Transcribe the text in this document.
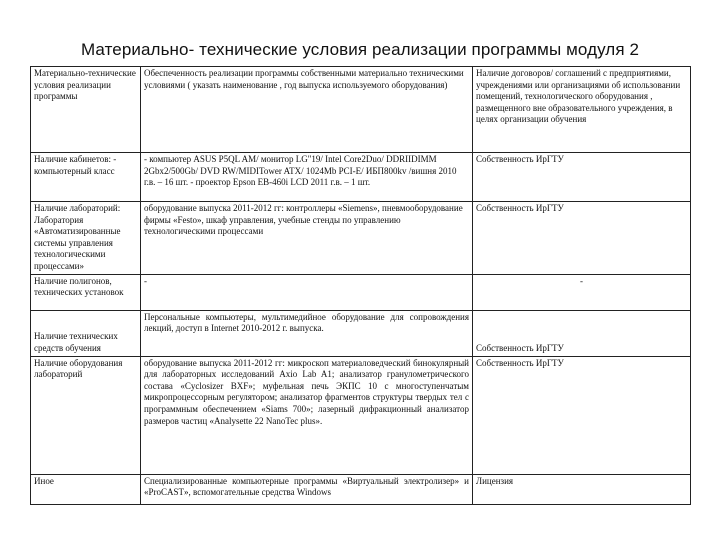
Материально- технические условия реализации программы модуля 2
Материально-технические условия реализации программы	Обеспеченность реализации программы собственными материально техническими условиями ( указать наименование , год выпуска используемого оборудования)	Наличие договоров/ соглашений с предприятиями, учреждениями или организациями об использовании помещений, технологического оборудования , размещенного вне образовательного учреждения, в целях организации обучения
Наличие кабинетов: - компьютерный класс	- компьютер ASUS P5QL AM/ монитор LG"19/ Intel Core2Duo/ DDRIIDIMM 2Gbx2/500Gb/ DVD RW/MIDITower ATX/ 1024Mb PCI-E/ ИБП800kv /вишня 2010 г.в. – 16 шт. - проектор Epson EB-460i LCD 2011 г.в. – 1 шт.	Собственность ИрГТУ
Наличие лабораторий: Лаборатория «Автоматизированные системы управления технологическими процессами»	оборудование выпуска 2011-2012 гг: контроллеры «Siemens», пневмооборудование фирмы «Festo», шкаф управления, учебные стенды по управлению технологическими процессами	Собственность ИрГТУ
Наличие полигонов, технических установок	-	-
Наличие технических средств обучения	Персональные компьютеры, мультимедийное оборудование для сопровождения лекций, доступ в Internet 2010-2012 г. выпуска.	Собственность ИрГТУ
Наличие оборудования лабораторий	оборудование выпуска 2011-2012 гг: микроскоп материаловедческий бинокулярный для лабораторных исследований Axio Lab A1; анализатор гранулометрического состава «Cyclosizer BXF»; муфельная печь ЭКПС 10 с многоступенчатым микропроцессорным регулятором; анализатор фрагментов структуры твердых тел с программным обеспечением «Siams 700»; лазерный дифракционный анализатор размеров частиц «Analysette 22 NanoTec plus».	Собственность ИрГТУ
Иное	Специализированные компьютерные программы «Виртуальный электролизер» и «ProCAST», вспомогательные средства Windows	Лицензия
